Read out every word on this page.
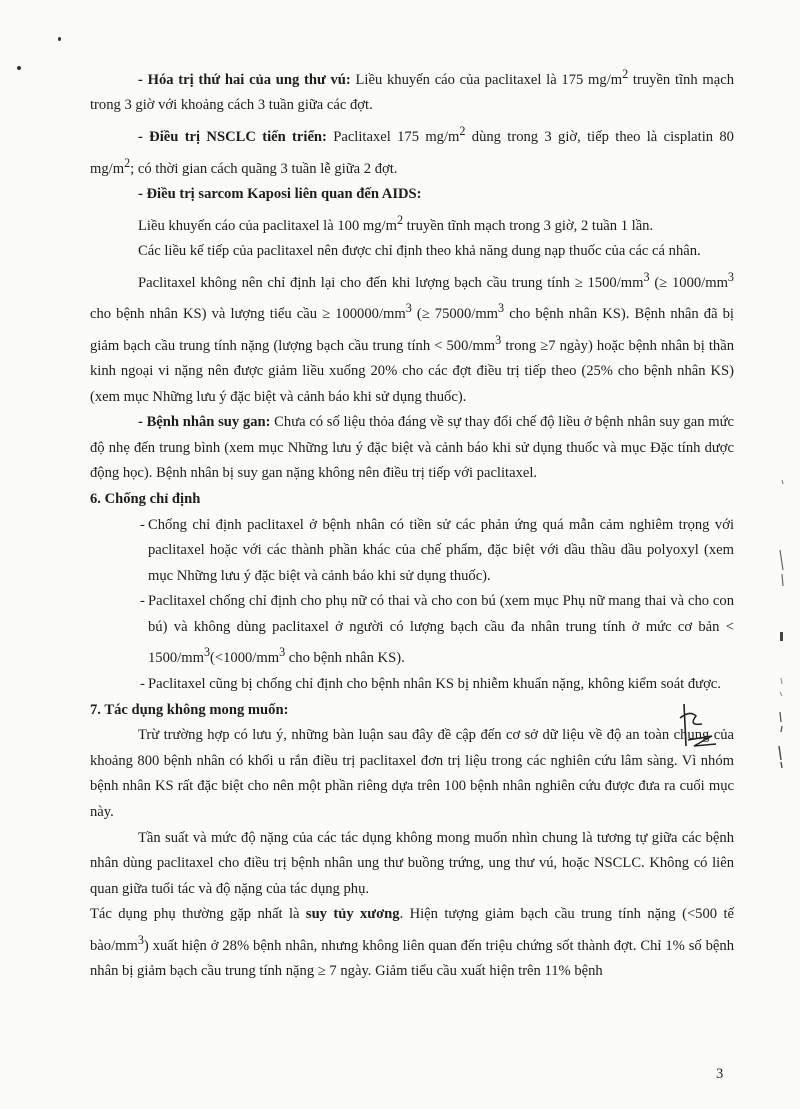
- Hóa trị thứ hai của ung thư vú: Liều khuyến cáo của paclitaxel là 175 $mg/m^2$ truyền tĩnh mạch trong 3 giờ với khoảng cách 3 tuần giữa các đợt.

- Điều trị NSCLC tiến triển: Paclitaxel 175 $mg/m^2$ dùng trong 3 giờ, tiếp theo là cisplatin 80 $mg/m^2$; có thời gian cách quãng 3 tuần lễ giữa 2 đợt.

- Điều trị sarcom Kaposi liên quan đến AIDS:

Liều khuyến cáo của paclitaxel là 100 $mg/m^2$ truyền tĩnh mạch trong 3 giờ, 2 tuần 1 lần.

Các liều kế tiếp của paclitaxel nên được chỉ định theo khả năng dung nạp thuốc của các cá nhân.

Paclitaxel không nên chỉ định lại cho đến khi lượng bạch cầu trung tính ≥ $1500/mm^3$ (≥ $1000/mm^3$ cho bệnh nhân KS) và lượng tiểu cầu ≥ $100000/mm^3$ (≥ $75000/mm^3$ cho bệnh nhân KS). Bệnh nhân đã bị giảm bạch cầu trung tính nặng (lượng bạch cầu trung tính < $500/mm^3$ trong ≥7 ngày) hoặc bệnh nhân bị thần kinh ngoại vi nặng nên được giảm liều xuống 20% cho các đợt điều trị tiếp theo (25% cho bệnh nhân KS) (xem mục Những lưu ý đặc biệt và cảnh báo khi sử dụng thuốc).

- Bệnh nhân suy gan: Chưa có số liệu thỏa đáng về sự thay đổi chế độ liều ở bệnh nhân suy gan mức độ nhẹ đến trung bình (xem mục Những lưu ý đặc biệt và cảnh báo khi sử dụng thuốc và mục Đặc tính dược động học). Bệnh nhân bị suy gan nặng không nên điều trị tiếp với paclitaxel.

6. Chống chỉ định

- Chống chỉ định paclitaxel ở bệnh nhân có tiền sử các phản ứng quá mẫn cảm nghiêm trọng với paclitaxel hoặc với các thành phần khác của chế phẩm, đặc biệt với dầu thầu dầu polyoxyl (xem mục Những lưu ý đặc biệt và cảnh báo khi sử dụng thuốc).
- Paclitaxel chống chỉ định cho phụ nữ có thai và cho con bú (xem mục Phụ nữ mang thai và cho con bú) và không dùng paclitaxel ở người có lượng bạch cầu đa nhân trung tính ở mức cơ bản < $1500/mm^3(<1000/mm^3$ cho bệnh nhân KS).
- Paclitaxel cũng bị chống chỉ định cho bệnh nhân KS bị nhiễm khuẩn nặng, không kiểm soát được.

7. Tác dụng không mong muốn:

Trừ trường hợp có lưu ý, những bàn luận sau đây đề cập đến cơ sở dữ liệu về độ an toàn chung của khoảng 800 bệnh nhân có khối u rắn điều trị paclitaxel đơn trị liệu trong các nghiên cứu lâm sàng. Vì nhóm bệnh nhân KS rất đặc biệt cho nên một phần riêng dựa trên 100 bệnh nhân nghiên cứu được đưa ra cuối mục này.

Tần suất và mức độ nặng của các tác dụng không mong muốn nhìn chung là tương tự giữa các bệnh nhân dùng paclitaxel cho điều trị bệnh nhân ung thư buồng trứng, ung thư vú, hoặc NSCLC. Không có liên quan giữa tuổi tác và độ nặng của tác dụng phụ.

Tác dụng phụ thường gặp nhất là suy tủy xương. Hiện tượng giảm bạch cầu trung tính nặng (<500 tế bào/$mm^3$) xuất hiện ở 28% bệnh nhân, nhưng không liên quan đến triệu chứng sốt thành đợt. Chỉ 1% số bệnh nhân bị giảm bạch cầu trung tính nặng ≥ 7 ngày. Giảm tiểu cầu xuất hiện trên 11% bệnh

3
